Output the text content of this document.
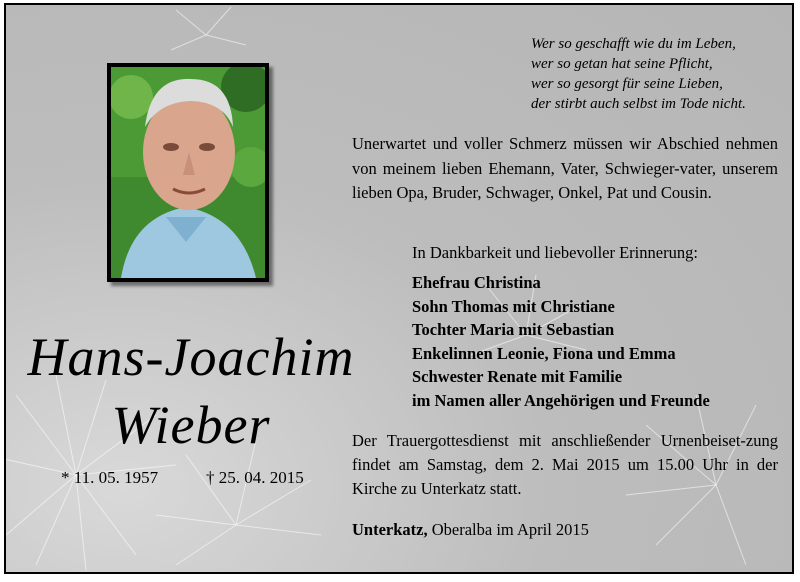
Wer so geschafft wie du im Leben,
wer so getan hat seine Pflicht,
wer so gesorgt für seine Lieben,
der stirbt auch selbst im Tode nicht.
Unerwartet und voller Schmerz müssen wir Abschied nehmen von meinem lieben Ehemann, Vater, Schwieger-vater, unserem lieben Opa, Bruder, Schwager, Onkel, Pat und Cousin.
In Dankbarkeit und liebevoller Erinnerung:
Ehefrau Christina
Sohn Thomas mit Christiane
Tochter Maria mit Sebastian
Enkelinnen Leonie, Fiona und Emma
Schwester Renate mit Familie
im Namen aller Angehörigen und Freunde
Der Trauergottesdienst mit anschließender Urnenbeiset-zung findet am Samstag, dem 2. Mai 2015 um 15.00 Uhr in der Kirche zu Unterkatz statt.
Unterkatz, Oberalba im April 2015
Hans-Joachim
Wieber
* 11. 05. 1957	† 25. 04. 2015
